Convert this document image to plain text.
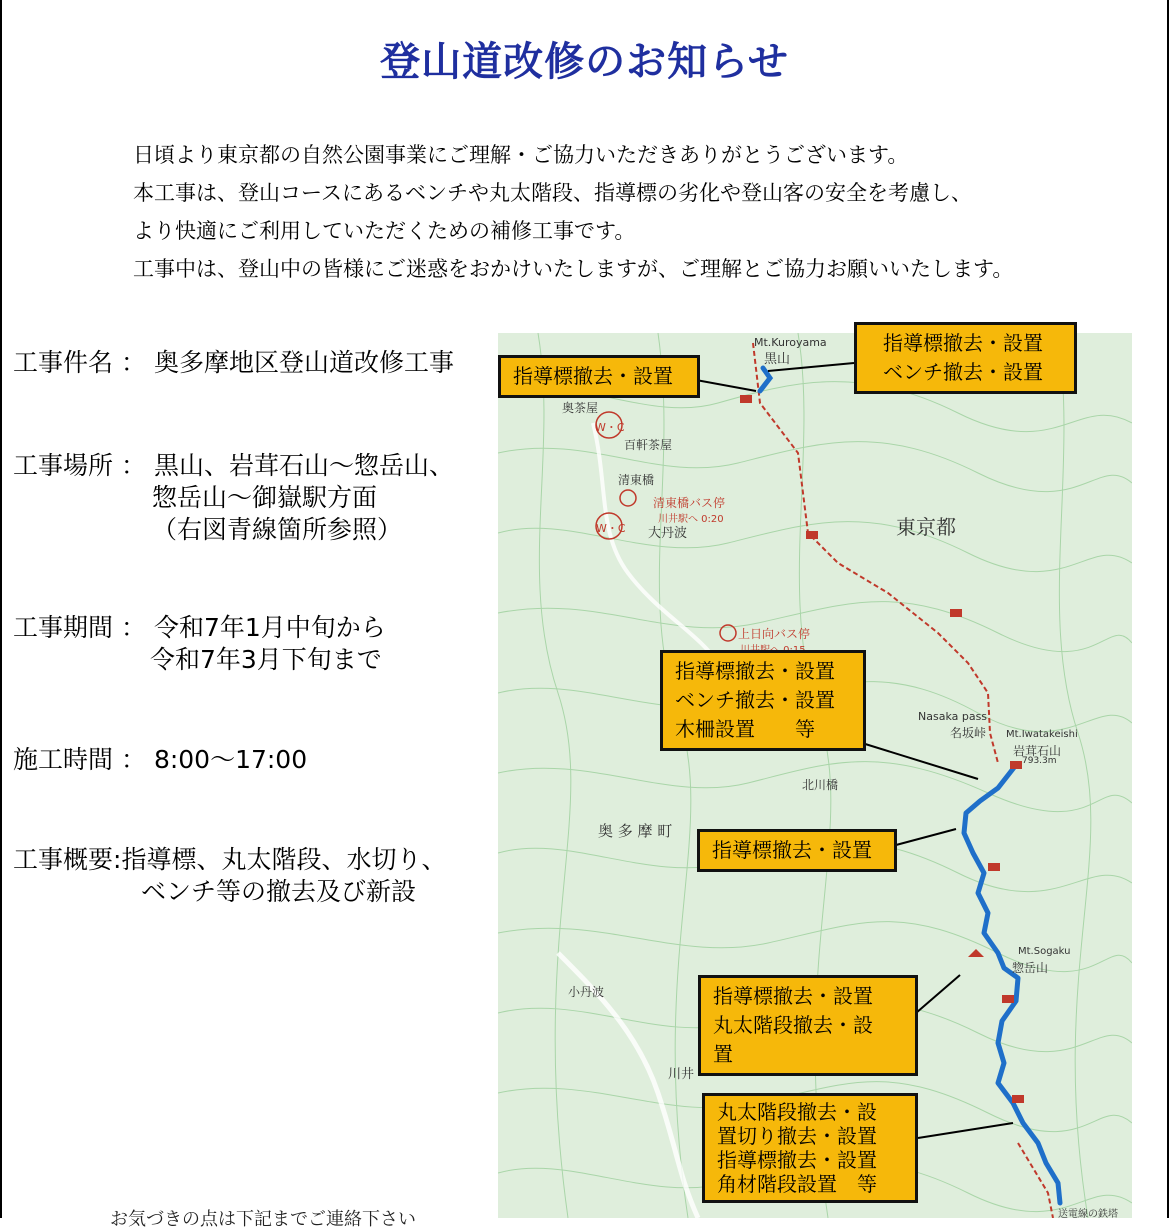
登山道改修のお知らせ
日頃より東京都の自然公園事業にご理解・ご協力いただきありがとうございます。
本工事は、登山コースにあるベンチや丸太階段、指導標の劣化や登山客の安全を考慮し、
より快適にご利用していただくための補修工事です。
工事中は、登山中の皆様にご迷惑をおかけいたしますが、ご理解とご協力お願いいたします。
工事件名 ： 奥多摩地区登山道改修工事
工事場所 ： 黒山、岩茸石山～惣岳山、
惣岳山～御嶽駅方面
（右図青線箇所参照）
工事期間 ： 令和7年1月中旬から
令和7年3月下旬まで
施工時間 ： 8:00～17:00
工事概要:指導標、丸太階段、水切り、
ベンチ等の撤去及び新設
Mt.Kuroyama
黒山
奥茶屋
W・C
百軒茶屋
清東橋
清東橋バス停
川井駅へ 0:20
W・C 大丹波	東京都
上日向バス停
Nasaka pass
名坂峠 Mt.Iwatakeishi
岩茸石山
793.3m
北川橋
奥 多 摩 町
Mt.Sogaku
惣岳山
小丹波
川井
送電線の鉄塔
指導標撤去・設置
指導標撤去・設置
ベンチ撤去・設置
指導標撤去・設置
ベンチ撤去・設置
木柵設置　　等
指導標撤去・設置
指導標撤去・設置
丸太階段撤去・設
置
丸太階段撤去・設
置切り撤去・設置
指導標撤去・設置
角材階段設置　等
お気づきの点は下記までご連絡下さい
